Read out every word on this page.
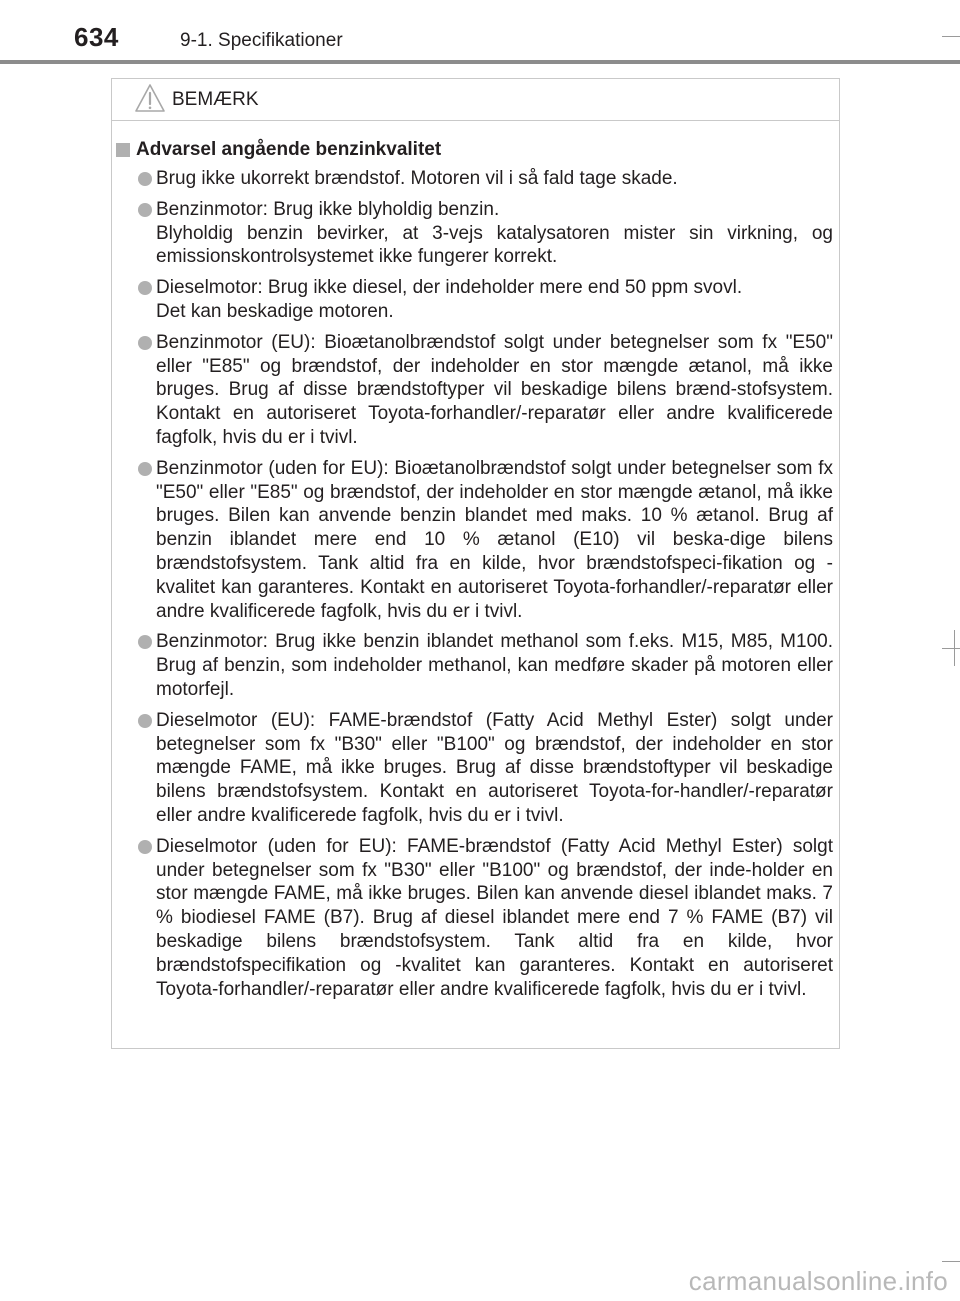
634	9-1. Specifikationer
BEMÆRK
Advarsel angående benzinkvalitet
Brug ikke ukorrekt brændstof. Motoren vil i så fald tage skade.
Benzinmotor: Brug ikke blyholdig benzin.
Blyholdig benzin bevirker, at 3-vejs katalysatoren mister sin virkning, og emissionskontrolsystemet ikke fungerer korrekt.
Dieselmotor: Brug ikke diesel, der indeholder mere end 50 ppm svovl.
Det kan beskadige motoren.
Benzinmotor (EU): Bioætanolbrændstof solgt under betegnelser som fx "E50" eller "E85" og brændstof, der indeholder en stor mængde ætanol, må ikke bruges. Brug af disse brændstoftyper vil beskadige bilens brænd-stofsystem. Kontakt en autoriseret Toyota-forhandler/-reparatør eller andre kvalificerede fagfolk, hvis du er i tvivl.
Benzinmotor (uden for EU): Bioætanolbrændstof solgt under betegnelser som fx "E50" eller "E85" og brændstof, der indeholder en stor mængde ætanol, må ikke bruges. Bilen kan anvende benzin blandet med maks. 10 % ætanol. Brug af benzin iblandet mere end 10 % ætanol (E10) vil beska-dige bilens brændstofsystem. Tank altid fra en kilde, hvor brændstofspeci-fikation og -kvalitet kan garanteres. Kontakt en autoriseret Toyota-forhandler/-reparatør eller andre kvalificerede fagfolk, hvis du er i tvivl.
Benzinmotor: Brug ikke benzin iblandet methanol som f.eks. M15, M85, M100. Brug af benzin, som indeholder methanol, kan medføre skader på motoren eller motorfejl.
Dieselmotor (EU): FAME-brændstof (Fatty Acid Methyl Ester) solgt under betegnelser som fx "B30" eller "B100" og brændstof, der indeholder en stor mængde FAME, må ikke bruges. Brug af disse brændstoftyper vil beskadige bilens brændstofsystem. Kontakt en autoriseret Toyota-for-handler/-reparatør eller andre kvalificerede fagfolk, hvis du er i tvivl.
Dieselmotor (uden for EU): FAME-brændstof (Fatty Acid Methyl Ester) solgt under betegnelser som fx "B30" eller "B100" og brændstof, der inde-holder en stor mængde FAME, må ikke bruges. Bilen kan anvende diesel iblandet maks. 7 % biodiesel FAME (B7). Brug af diesel iblandet mere end 7 % FAME (B7) vil beskadige bilens brændstofsystem. Tank altid fra en kilde, hvor brændstofspecifikation og -kvalitet kan garanteres. Kontakt en autoriseret Toyota-forhandler/-reparatør eller andre kvalificerede fagfolk, hvis du er i tvivl.
carmanualsonline.info
